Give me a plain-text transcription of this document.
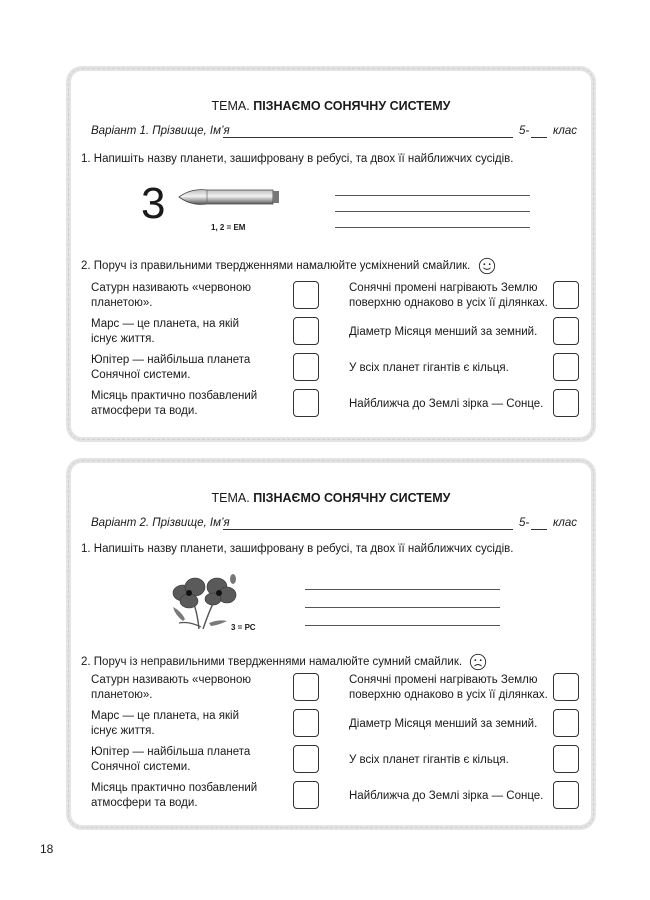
ТЕМА. ПІЗНАЄМО СОНЯЧНУ СИСТЕМУ
Варіант 1. Прізвище, Ім’я	5- клас
1. Напишіть назву планети, зашифровану в ребусі, та двох її найближчих сусідів.
3	1, 2 = ЕМ
2. Поруч із правильними твердженнями намалюйте усміхнений смайлик.
Сатурн називають «червоною планетою».
Марс — це планета, на якій існує життя.
Юпітер — найбільша планета Сонячної системи.
Місяць практично позбавлений атмосфери та води.
Сонячні промені нагрівають Землю поверхню однаково в усіх її ділянках.
Діаметр Місяця менший за земний.
У всіх планет гігантів є кільця.
Найближча до Землі зірка — Сонце.
ТЕМА. ПІЗНАЄМО СОНЯЧНУ СИСТЕМУ
Варіант 2. Прізвище, Ім’я	5- клас
1. Напишіть назву планети, зашифровану в ребусі, та двох її найближчих сусідів.
3 = РС
2. Поруч із неправильними твердженнями намалюйте сумний смайлик.
Сатурн називають «червоною планетою».
Марс — це планета, на якій існує життя.
Юпітер — найбільша планета Сонячної системи.
Місяць практично позбавлений атмосфери та води.
Сонячні промені нагрівають Землю поверхню однаково в усіх її ділянках.
Діаметр Місяця менший за земний.
У всіх планет гігантів є кільця.
Найближча до Землі зірка — Сонце.
18
